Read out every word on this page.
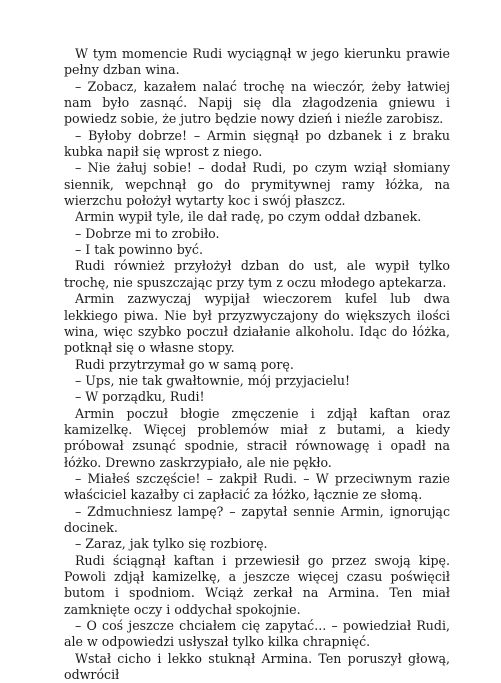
W tym momencie Rudi wyciągnął w jego kierunku prawie pełny dzban wina.

– Zobacz, kazałem nalać trochę na wieczór, żeby łatwiej nam było zasnąć. Napij się dla złagodzenia gniewu i powiedz sobie, że jutro będzie nowy dzień i nieźle zarobisz.

– Byłoby dobrze! – Armin sięgnął po dzbanek i z braku kubka napił się wprost z niego.

– Nie żałuj sobie! – dodał Rudi, po czym wziął słomiany siennik, wepchnął go do prymitywnej ramy łóżka, na wierzchu położył wytarty koc i swój płaszcz.

Armin wypił tyle, ile dał radę, po czym oddał dzbanek.

– Dobrze mi to zrobiło.

– I tak powinno być.

Rudi również przyłożył dzban do ust, ale wypił tylko trochę, nie spuszczając przy tym z oczu młodego aptekarza.

Armin zazwyczaj wypijał wieczorem kufel lub dwa lekkiego piwa. Nie był przyzwyczajony do większych ilości wina, więc szybko poczuł działanie alkoholu. Idąc do łóżka, potknął się o własne stopy.

Rudi przytrzymał go w samą porę.

– Ups, nie tak gwałtownie, mój przyjacielu!

– W porządku, Rudi!

Armin poczuł błogie zmęczenie i zdjął kaftan oraz kamizelkę. Więcej problemów miał z butami, a kiedy próbował zsunąć spodnie, stracił równowagę i opadł na łóżko. Drewno zaskrzypiało, ale nie pękło.

– Miałeś szczęście! – zakpił Rudi. – W przeciwnym razie właściciel kazałby ci zapłacić za łóżko, łącznie ze słomą.

– Zdmuchniesz lampę? – zapytał sennie Armin, ignorując docinek.

– Zaraz, jak tylko się rozbiorę.

Rudi ściągnął kaftan i przewiesił go przez swoją kipę. Powoli zdjął kamizelkę, a jeszcze więcej czasu poświęcił butom i spodniom. Wciąż zerkał na Armina. Ten miał zamknięte oczy i oddychał spokojnie.

– O coś jeszcze chciałem cię zapytać... – powiedział Rudi, ale w odpowiedzi usłyszał tylko kilka chrapnięć.

Wstał cicho i lekko stuknął Armina. Ten poruszył głową, odwrócił
